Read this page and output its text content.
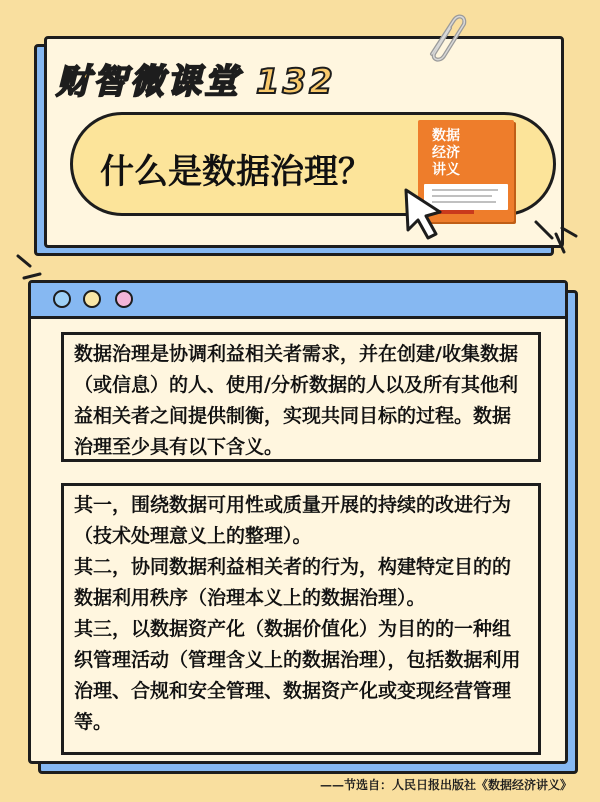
财智微课堂 132
什么是数据治理？
数据
经济
讲义

数据治理是协调利益相关者需求，并在创建/收集数据（或信息）的人、使用/分析数据的人以及所有其他利益相关者之间提供制衡，实现共同目标的过程。数据治理至少具有以下含义。

其一，围绕数据可用性或质量开展的持续的改进行为（技术处理意义上的整理）。

其二，协同数据利益相关者的行为，构建特定目的的数据利用秩序（治理本义上的数据治理）。

其三，以数据资产化（数据价值化）为目的的一种组织管理活动（管理含义上的数据治理），包括数据利用治理、合规和安全管理、数据资产化或变现经营管理等。

——节选自：人民日报出版社《数据经济讲义》
